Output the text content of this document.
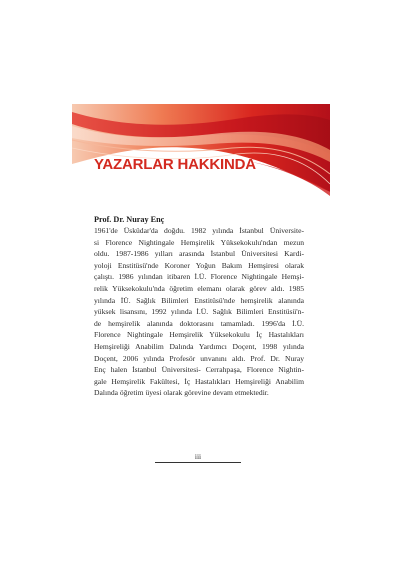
YAZARLAR HAKKINDA

Prof. Dr. Nuray Enç

1961'de Üsküdar'da doğdu. 1982 yılında İstanbul Üniversite-
si Florence Nightingale Hemşirelik Yüksekokulu'ndan mezun
oldu. 1987-1986 yılları arasında İstanbul Üniversitesi Kardi-
yoloji Enstitüsü'nde Koroner Yoğun Bakım Hemşiresi olarak
çalıştı. 1986 yılından itibaren İ.Ü. Florence Nightingale Hemşi-
relik Yüksekokulu'nda öğretim elemanı olarak görev aldı. 1985
yılında İÜ. Sağlık Bilimleri Enstitüsü'nde hemşirelik alanında
yüksek lisansını, 1992 yılında İ.Ü. Sağlık Bilimleri Enstitüsü'n-
de hemşirelik alanında doktorasını tamamladı. 1996'da İ.Ü.
Florence Nightingale Hemşirelik Yüksekokulu İç Hastalıkları
Hemşireliği Anabilim Dalında Yardımcı Doçent, 1998 yılında
Doçent, 2006 yılında Profesör unvanını aldı. Prof. Dr. Nuray
Enç halen İstanbul Üniversitesi- Cerrahpaşa, Florence Nightin-
gale Hemşirelik Fakültesi, İç Hastalıkları Hemşireliği Anabilim
Dalında öğretim üyesi olarak görevine devam etmektedir.

iii
